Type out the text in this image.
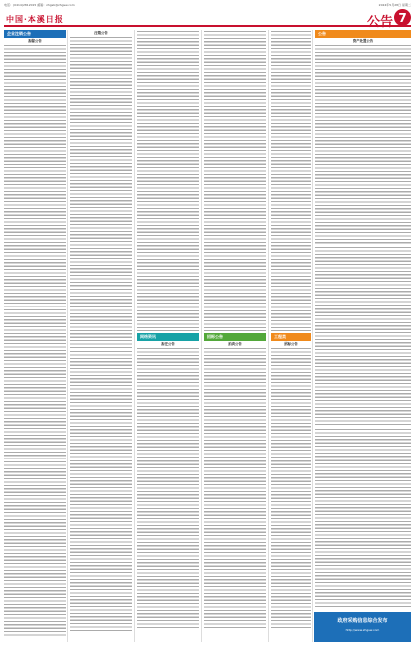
电话：(0414)2812015 邮箱：zhgsb@zhgsw.com	2024年5月28日 星期二
中国·本溪日报	公告 7
企业注销公告
拆除公告
注销公告
网络资讯
拆迁公告
招标公告
拍卖公告
工程类
招标公告
公告
资产处置公告
政府采购信息综合发布
http://www.zhgsw.com
